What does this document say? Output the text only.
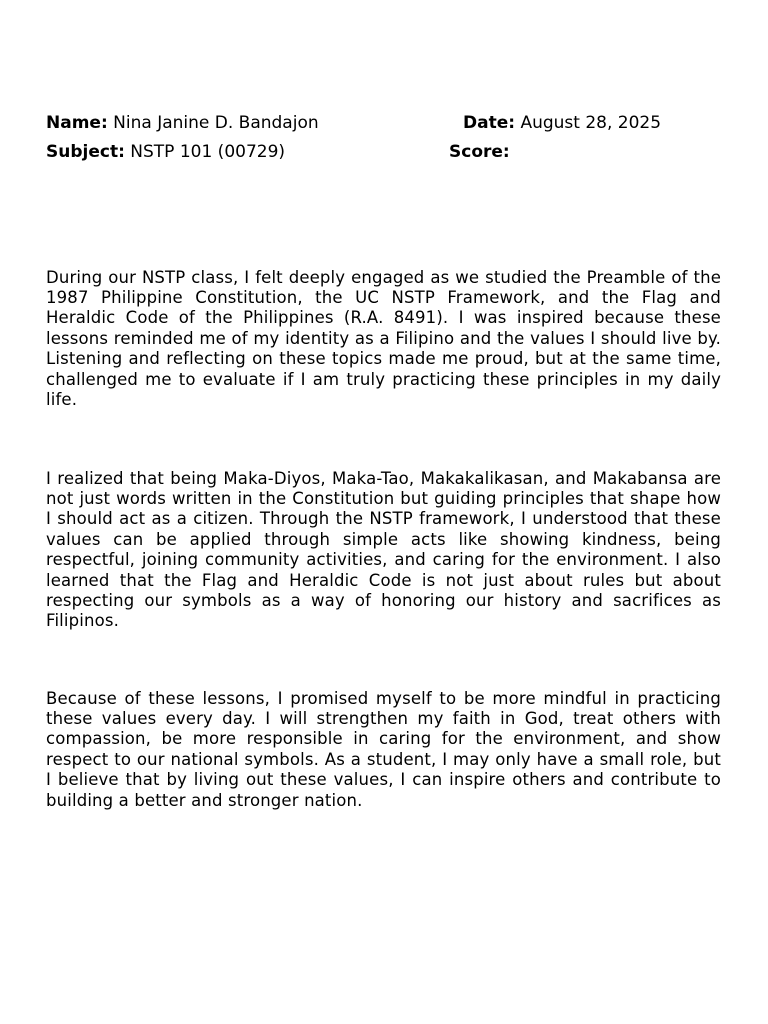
Name: Nina Janine D. Bandajon	Date: August 28, 2025
Subject: NSTP 101 (00729)	Score:

During our NSTP class, I felt deeply engaged as we studied the Preamble of the 1987 Philippine Constitution, the UC NSTP Framework, and the Flag and Heraldic Code of the Philippines (R.A. 8491). I was inspired because these lessons reminded me of my identity as a Filipino and the values I should live by. Listening and reflecting on these topics made me proud, but at the same time, challenged me to evaluate if I am truly practicing these principles in my daily life.

I realized that being Maka-Diyos, Maka-Tao, Makakalikasan, and Makabansa are not just words written in the Constitution but guiding principles that shape how I should act as a citizen. Through the NSTP framework, I understood that these values can be applied through simple acts like showing kindness, being respectful, joining community activities, and caring for the environment. I also learned that the Flag and Heraldic Code is not just about rules but about respecting our symbols as a way of honoring our history and sacrifices as Filipinos.

Because of these lessons, I promised myself to be more mindful in practicing these values every day. I will strengthen my faith in God, treat others with compassion, be more responsible in caring for the environment, and show respect to our national symbols. As a student, I may only have a small role, but I believe that by living out these values, I can inspire others and contribute to building a better and stronger nation.
